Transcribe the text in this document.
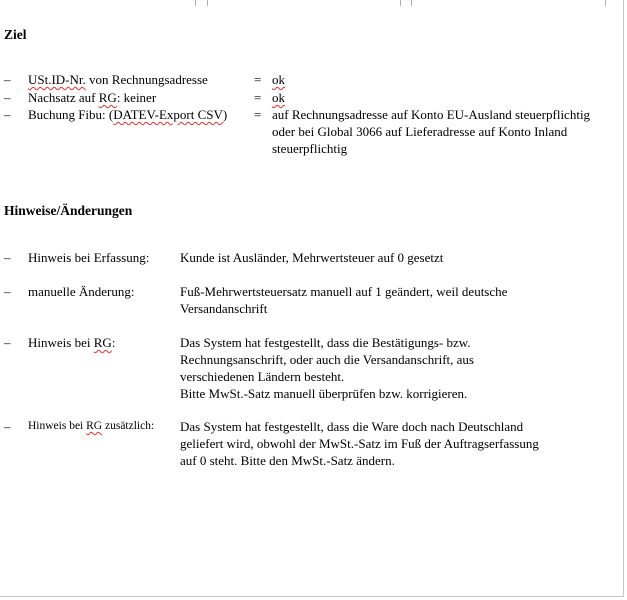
Ziel
– USt.ID-Nr. von Rechnungsadresse	= ok
– Nachsatz auf RG: keiner	= ok
– Buchung Fibu: (DATEV-Export CSV) = auf Rechnungsadresse auf Konto EU-Ausland steuerpflichtig
oder bei Global 3066 auf Lieferadresse auf Konto Inland
steuerpflichtig
Hinweise/Änderungen
– Hinweis bei Erfassung: Kunde ist Ausländer, Mehrwertsteuer auf 0 gesetzt
– manuelle Änderung:	Fuß-Mehrwertsteuersatz manuell auf 1 geändert, weil deutsche
Versandanschrift
– Hinweis bei RG:	Das System hat festgestellt, dass die Bestätigungs- bzw.
Rechnungsanschrift, oder auch die Versandanschrift, aus
verschiedenen Ländern besteht.
Bitte MwSt.-Satz manuell überprüfen bzw. korrigieren.
– Hinweis bei RG zusätzlich: Das System hat festgestellt, dass die Ware doch nach Deutschland
geliefert wird, obwohl der MwSt.-Satz im Fuß der Auftragserfassung
auf 0 steht. Bitte den MwSt.-Satz ändern.
